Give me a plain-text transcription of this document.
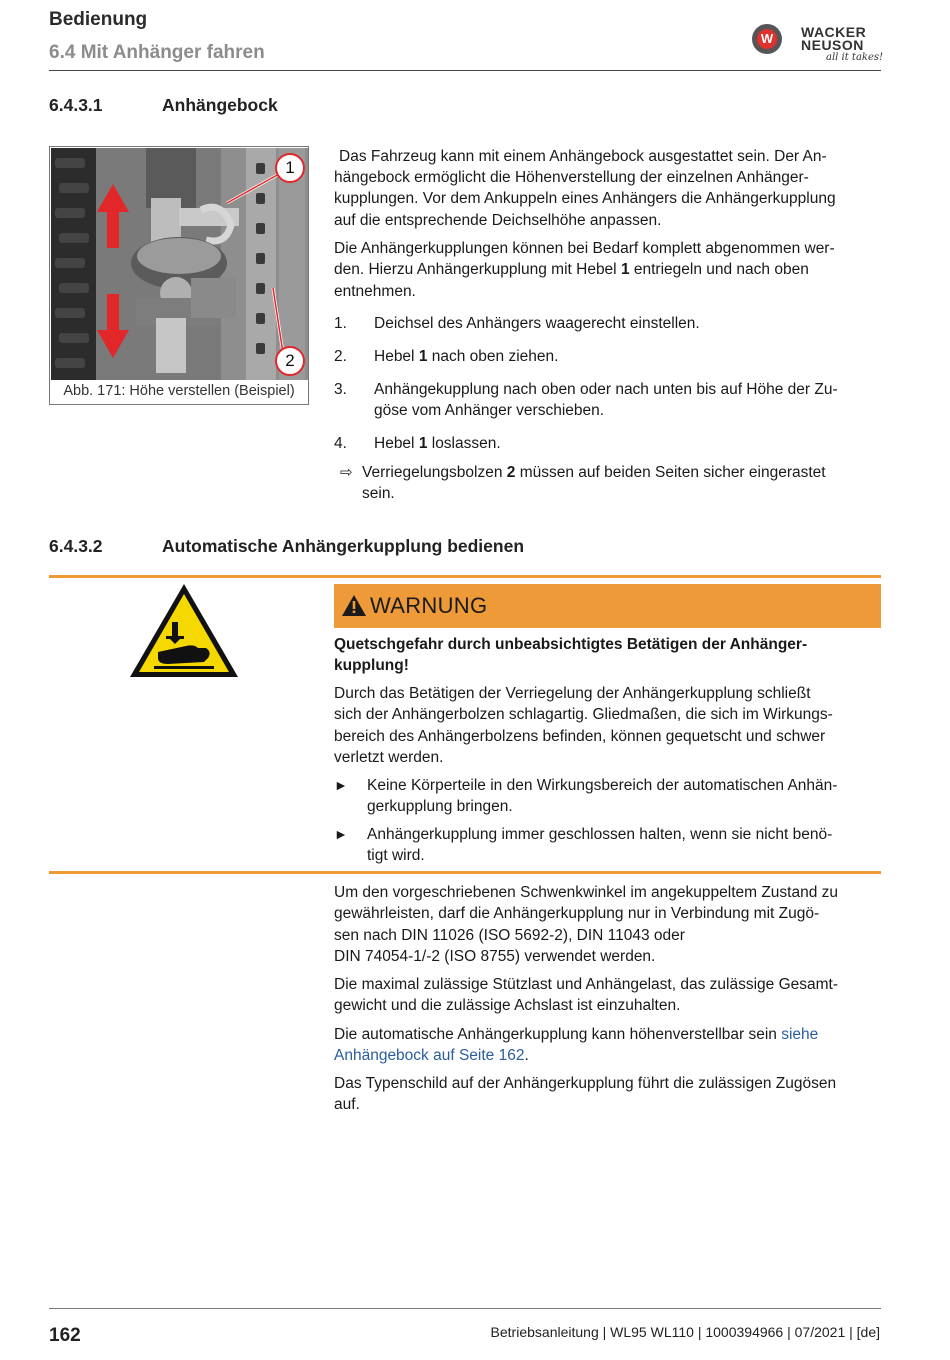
Bedienung
6.4 Mit Anhänger fahren
W WACKER
NEUSON
all it takes!
6.4.3.1	Anhängebock
1
2
Abb. 171: Höhe verstellen (Beispiel)
Das Fahrzeug kann mit einem Anhängebock ausgestattet sein. Der An-
hängebock ermöglicht die Höhenverstellung der einzelnen Anhänger-
kupplungen. Vor dem Ankuppeln eines Anhängers die Anhängerkupplung
auf die entsprechende Deichselhöhe anpassen.
Die Anhängerkupplungen können bei Bedarf komplett abgenommen wer-
den. Hierzu Anhängerkupplung mit Hebel 1 entriegeln und nach oben
entnehmen.
1. Deichsel des Anhängers waagerecht einstellen.
2. Hebel 1 nach oben ziehen.
3. Anhängekupplung nach oben oder nach unten bis auf Höhe der Zu-
göse vom Anhänger verschieben.
4. Hebel 1 loslassen.
⇨ Verriegelungsbolzen 2 müssen auf beiden Seiten sicher eingerastet
sein.
6.4.3.2	Automatische Anhängerkupplung bedienen
WARNUNG
Quetschgefahr durch unbeabsichtigtes Betätigen der Anhänger-
kupplung!
Durch das Betätigen der Verriegelung der Anhängerkupplung schließt
sich der Anhängerbolzen schlagartig. Gliedmaßen, die sich im Wirkungs-
bereich des Anhängerbolzens befinden, können gequetscht und schwer
verletzt werden.
► Keine Körperteile in den Wirkungsbereich der automatischen Anhän-
gerkupplung bringen.
► Anhängerkupplung immer geschlossen halten, wenn sie nicht benö-
tigt wird.
Um den vorgeschriebenen Schwenkwinkel im angekuppeltem Zustand zu
gewährleisten, darf die Anhängerkupplung nur in Verbindung mit Zugö-
sen nach DIN 11026 (ISO 5692-2), DIN 11043 oder
DIN 74054-1/-2 (ISO 8755) verwendet werden.
Die maximal zulässige Stützlast und Anhängelast, das zulässige Gesamt-
gewicht und die zulässige Achslast ist einzuhalten.
Die automatische Anhängerkupplung kann höhenverstellbar sein siehe
Anhängebock auf Seite 162.
Das Typenschild auf der Anhängerkupplung führt die zulässigen Zugösen
auf.
162	Betriebsanleitung | WL95 WL110 | 1000394966 | 07/2021 | [de]
